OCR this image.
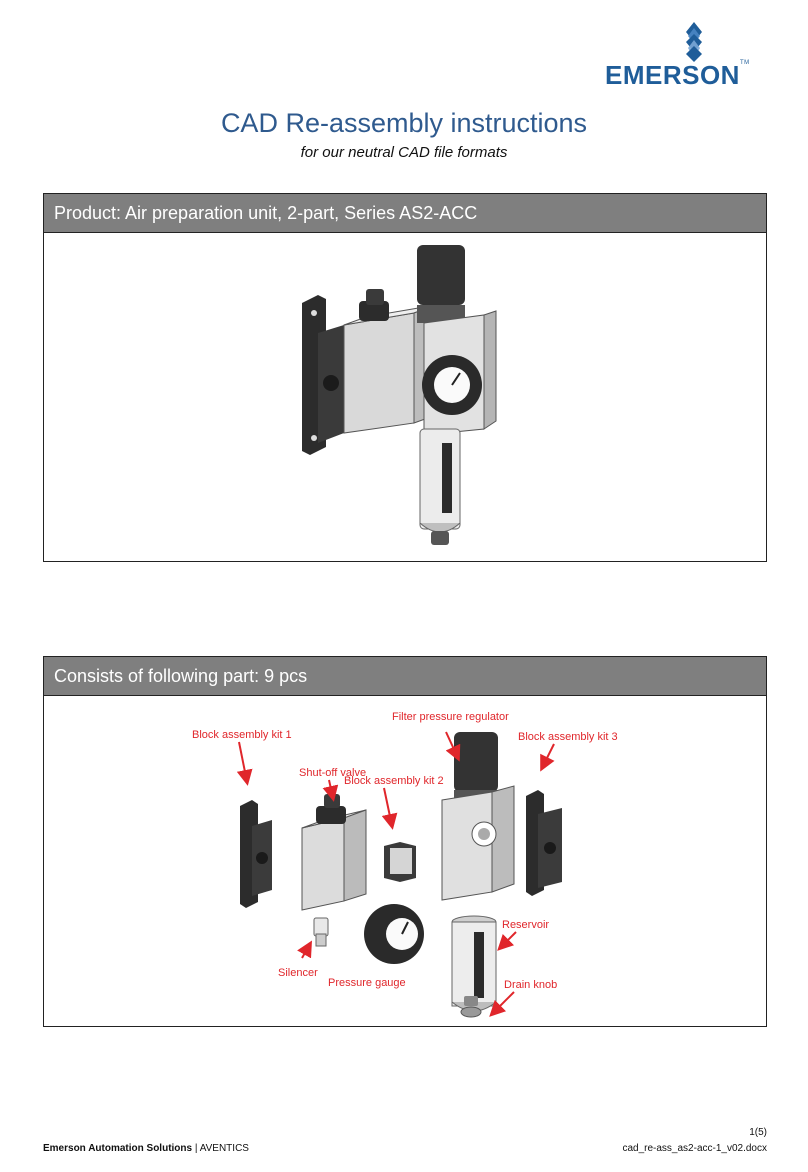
EMERSON™
CAD Re-assembly instructions
for our neutral CAD file formats
Product: Air preparation unit, 2-part, Series AS2-ACC
Consists of following part: 9 pcs
Block assembly kit 1
Shut-off valve
Block assembly kit 2
Filter pressure regulator
Block assembly kit 3
Reservoir
Drain knob
Silencer
Pressure gauge
1(5)
Emerson Automation Solutions | AVENTICS	cad_re-ass_as2-acc-1_v02.docx
